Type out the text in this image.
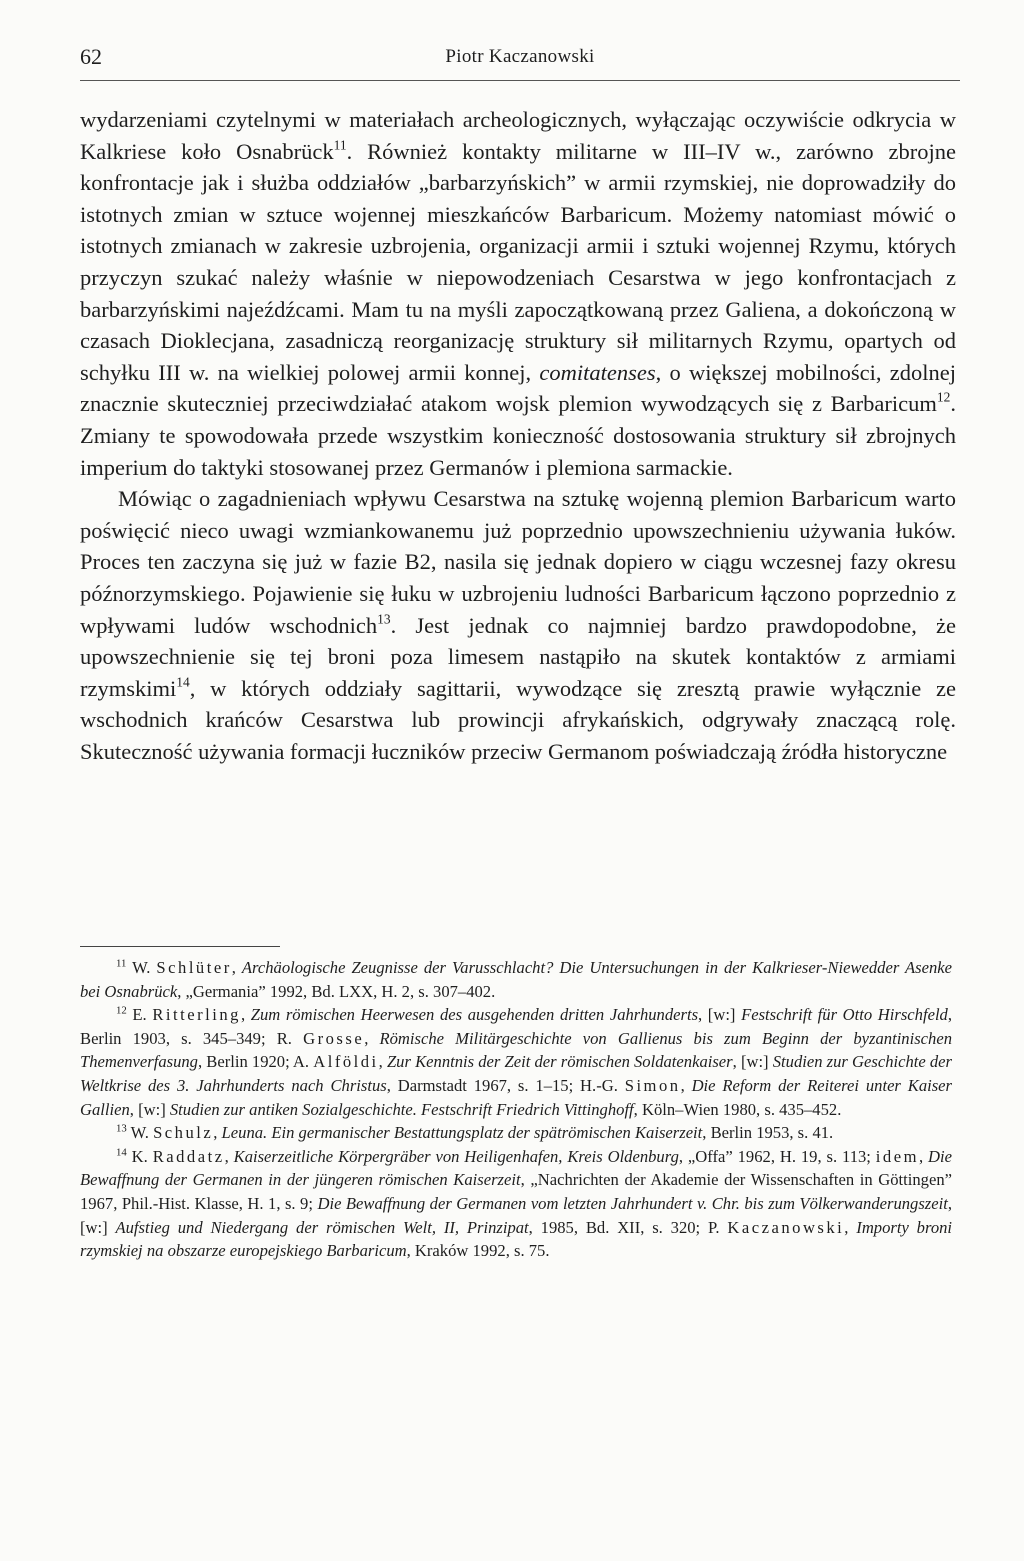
62	Piotr Kaczanowski

wydarzeniami czytelnymi w materiałach archeologicznych, wyłączając oczywiście odkrycia w Kalkriese koło Osnabrück$^{11}$. Również kontakty militarne w III–IV w., zarówno zbrojne konfrontacje jak i służba oddziałów „barbarzyńskich” w armii rzymskiej, nie doprowadziły do istotnych zmian w sztuce wojennej mieszkańców Barbaricum. Możemy natomiast mówić o istotnych zmianach w zakresie uzbrojenia, organizacji armii i sztuki wojennej Rzymu, których przyczyn szukać należy właśnie w niepowodzeniach Cesarstwa w jego konfrontacjach z barbarzyńskimi najeźdźcami. Mam tu na myśli zapoczątkowaną przez Galiena, a dokończoną w czasach Dioklecjana, zasadniczą reorganizację struktury sił militarnych Rzymu, opartych od schyłku III w. na wielkiej polowej armii konnej, comitatenses, o większej mobilności, zdolnej znacznie skuteczniej przeciwdziałać atakom wojsk plemion wywodzących się z Barbaricum$^{12}$. Zmiany te spowodowała przede wszystkim konieczność dostosowania struktury sił zbrojnych imperium do taktyki stosowanej przez Germanów i plemiona sarmackie.

Mówiąc o zagadnieniach wpływu Cesarstwa na sztukę wojenną plemion Barbaricum warto poświęcić nieco uwagi wzmiankowanemu już poprzednio upowszechnieniu używania łuków. Proces ten zaczyna się już w fazie B2, nasila się jednak dopiero w ciągu wczesnej fazy okresu późnorzymskiego. Pojawienie się łuku w uzbrojeniu ludności Barbaricum łączono poprzednio z wpływami ludów wschodnich$^{13}$. Jest jednak co najmniej bardzo prawdopodobne, że upowszechnienie się tej broni poza limesem nastąpiło na skutek kontaktów z armiami rzymskimi$^{14}$, w których oddziały sagittarii, wywodzące się zresztą prawie wyłącznie ze wschodnich krańców Cesarstwa lub prowincji afrykańskich, odgrywały znaczącą rolę. Skuteczność używania formacji łuczników przeciw Germanom poświadczają źródła historyczne

$^{11}$ W. Schlüter, Archäologische Zeugnisse der Varusschlacht? Die Untersuchungen in der Kalkrieser-Niewedder Asenke bei Osnabrück, „Germania” 1992, Bd. LXX, H. 2, s. 307–402.

$^{12}$ E. Ritterling, Zum römischen Heerwesen des ausgehenden dritten Jahrhunderts, [w:] Festschrift für Otto Hirschfeld, Berlin 1903, s. 345–349; R. Grosse, Römische Militärgeschichte von Gallienus bis zum Beginn der byzantinischen Themenverfasung, Berlin 1920; A. Alföldi, Zur Kenntnis der Zeit der römischen Soldatenkaiser, [w:] Studien zur Geschichte der Weltkrise des 3. Jahrhunderts nach Christus, Darmstadt 1967, s. 1–15; H.-G. Simon, Die Reform der Reiterei unter Kaiser Gallien, [w:] Studien zur antiken Sozialgeschichte. Festschrift Friedrich Vittinghoff, Köln–Wien 1980, s. 435–452.

$^{13}$ W. Schulz, Leuna. Ein germanischer Bestattungsplatz der spätrömischen Kaiserzeit, Berlin 1953, s. 41.

$^{14}$ K. Raddatz, Kaiserzeitliche Körpergräber von Heiligenhafen, Kreis Oldenburg, „Offa” 1962, H. 19, s. 113; idem, Die Bewaffnung der Germanen in der jüngeren römischen Kaiserzeit, „Nachrichten der Akademie der Wissenschaften in Göttingen” 1967, Phil.-Hist. Klasse, H. 1, s. 9; Die Bewaffnung der Germanen vom letzten Jahrhundert v. Chr. bis zum Völkerwanderungszeit, [w:] Aufstieg und Niedergang der römischen Welt, II, Prinzipat, 1985, Bd. XII, s. 320; P. Kaczanowski, Importy broni rzymskiej na obszarze europejskiego Barbaricum, Kraków 1992, s. 75.
